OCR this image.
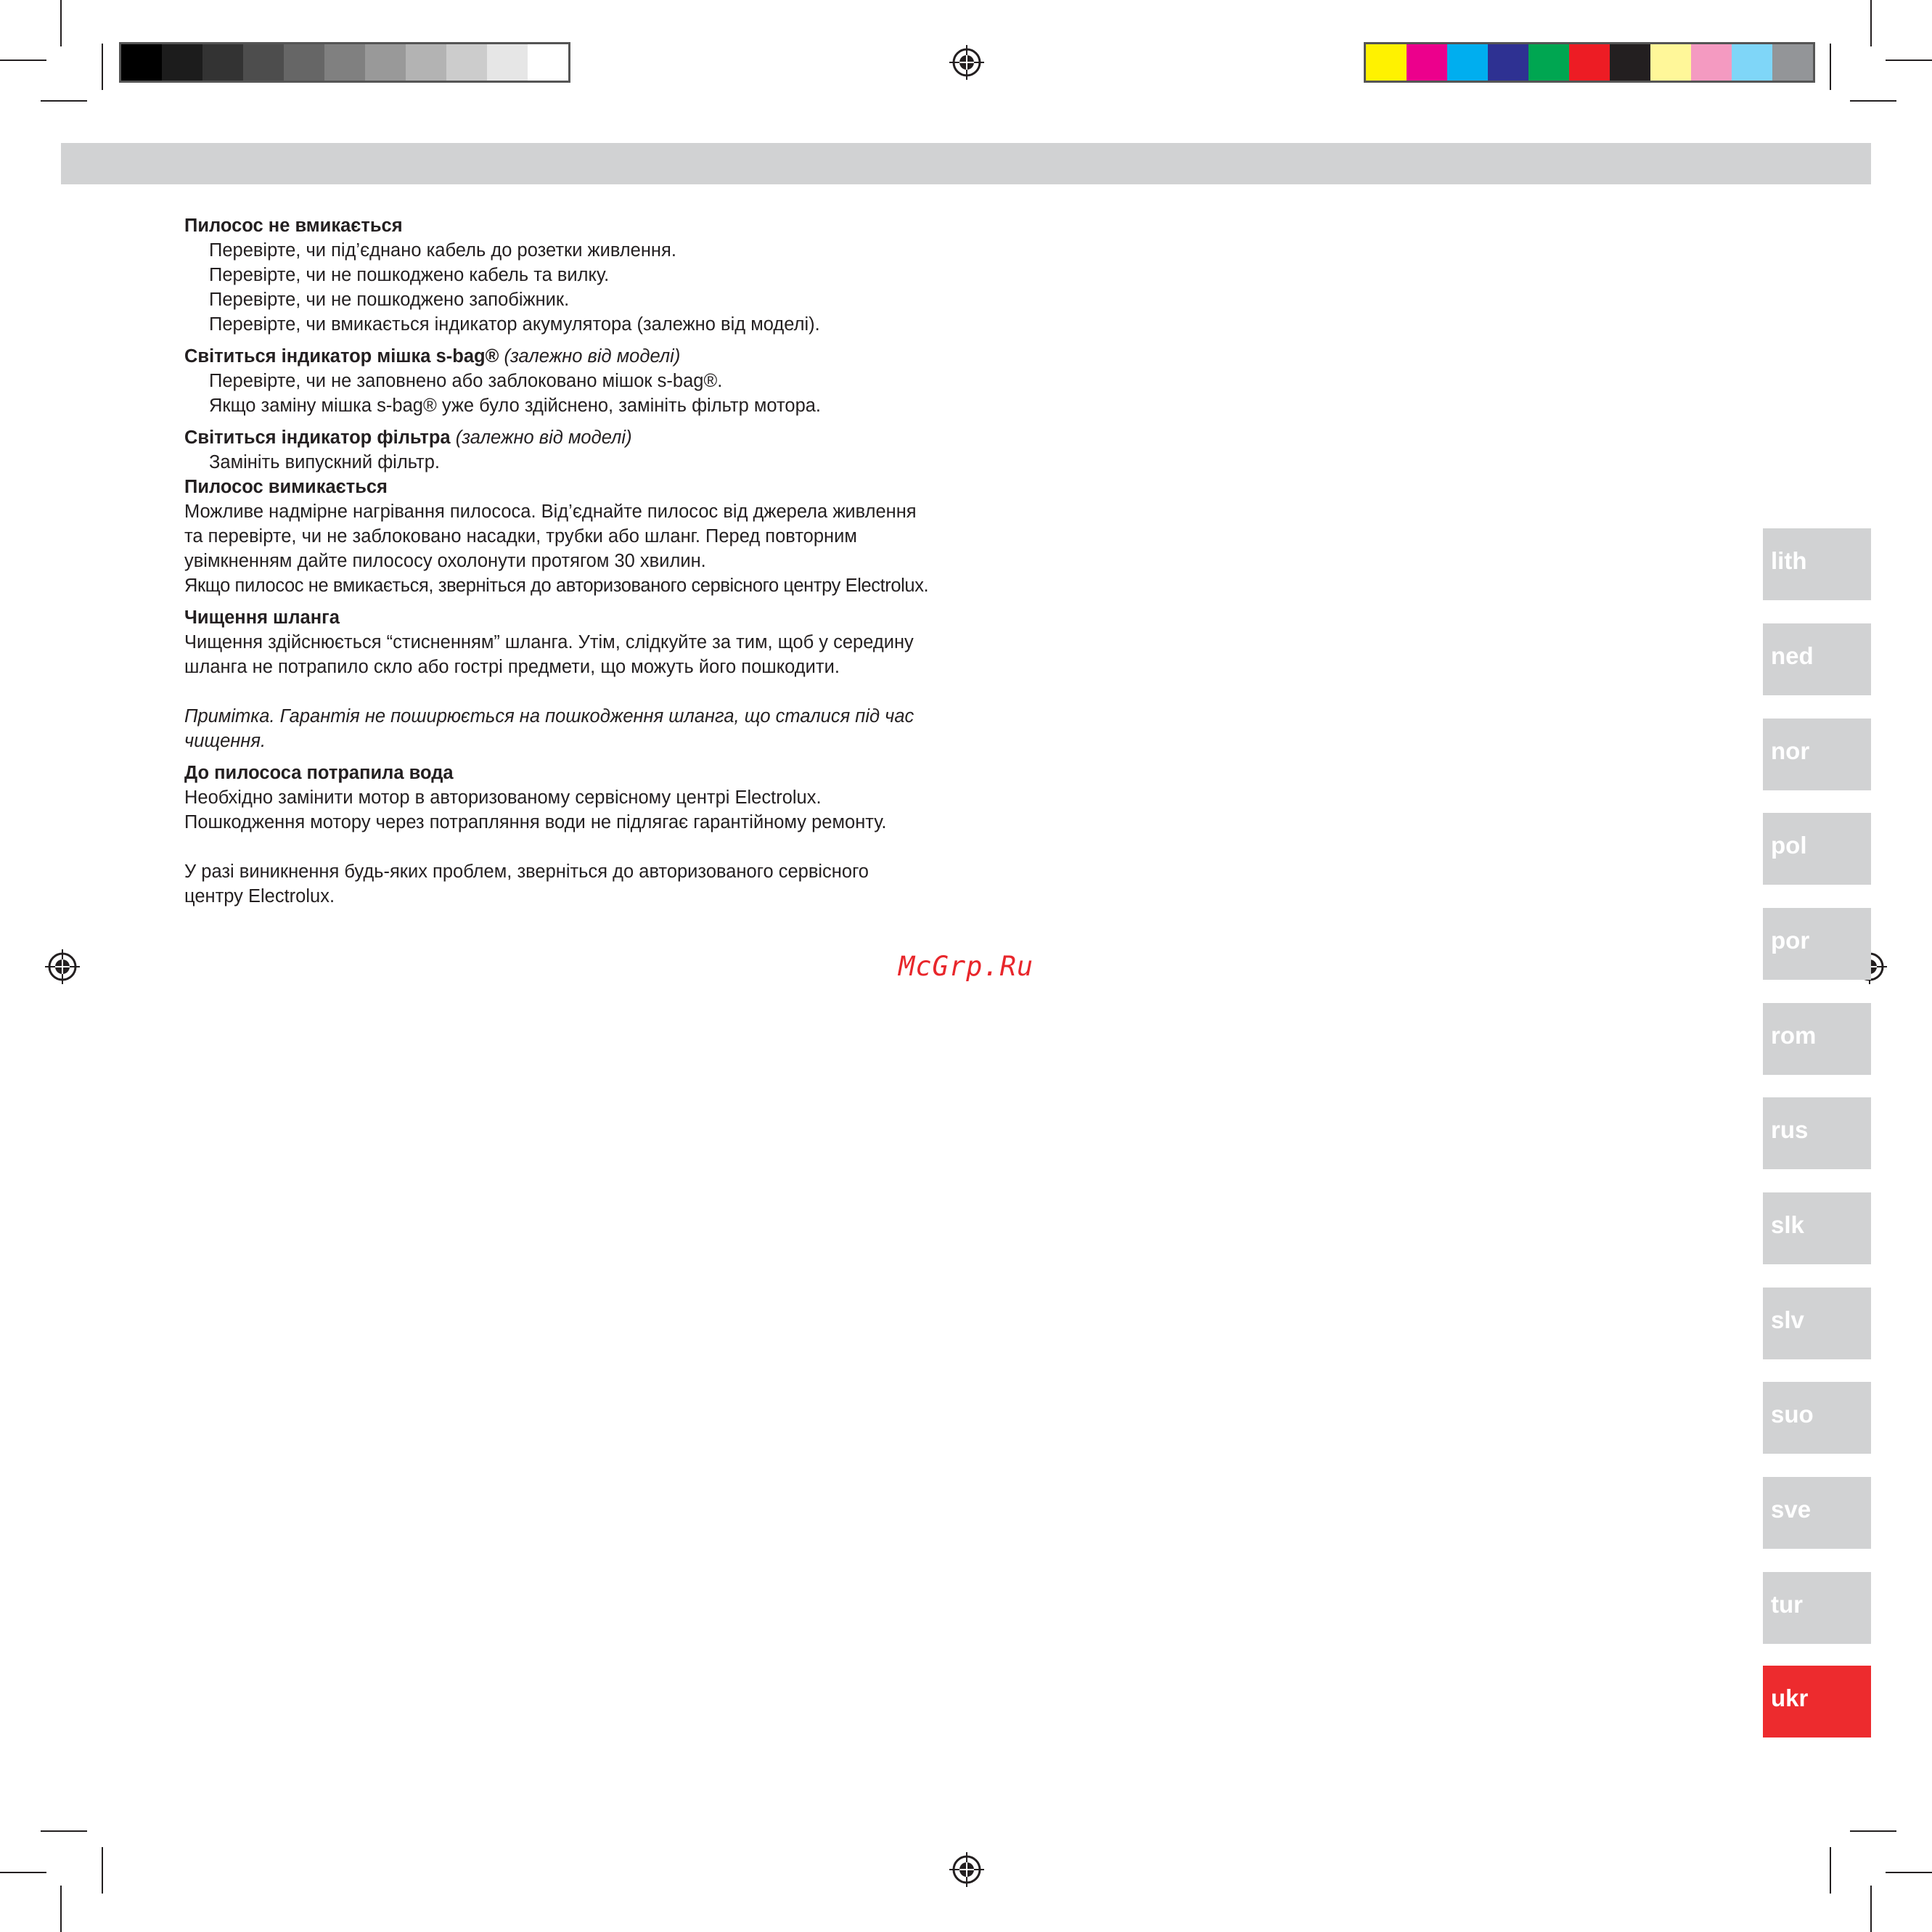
Пилосос не вмикається

Перевірте, чи під’єднано кабель до розетки живлення.

Перевірте, чи не пошкоджено кабель та вилку.

Перевірте, чи не пошкоджено запобіжник.

Перевірте, чи вмикається індикатор акумулятора (залежно від моделі).

Світиться індикатор мішка s-bag® (залежно від моделі)

Перевірте, чи не заповнено або заблоковано мішок s-bag®.

Якщо заміну мішка s-bag® уже було здійснено, замініть фільтр мотора.

Світиться індикатор фільтра (залежно від моделі)

Замініть випускний фільтр.

Пилосос вимикається

Можливе надмірне нагрівання пилососа. Від’єднайте пилосос від джерела живлення

та перевірте, чи не заблоковано насадки, трубки або шланг. Перед повторним

увімкненням дайте пилососу охолонути протягом 30 хвилин.

Якщо пилосос не вмикається, зверніться до авторизованого сервісного центру Electrolux.

Чищення шланга

Чищення здійснюється “стисненням” шланга. Утім, слідкуйте за тим, щоб у середину

шланга не потрапило скло або гострі предмети, що можуть його пошкодити.

Примітка. Гарантія не поширюється на пошкодження шланга, що сталися під час

чищення.

До пилососа потрапила вода

Необхідно замінити мотор в авторизованому сервісному центрі Electrolux.

Пошкодження мотору через потрапляння води не підлягає гарантійному ремонту.

У разі виникнення будь-яких проблем, зверніться до авторизованого сервісного

центру Electrolux.

McGrp.Ru
lith
ned
nor
pol
por
rom
rus
slk
slv
suo
sve
tur
ukr
